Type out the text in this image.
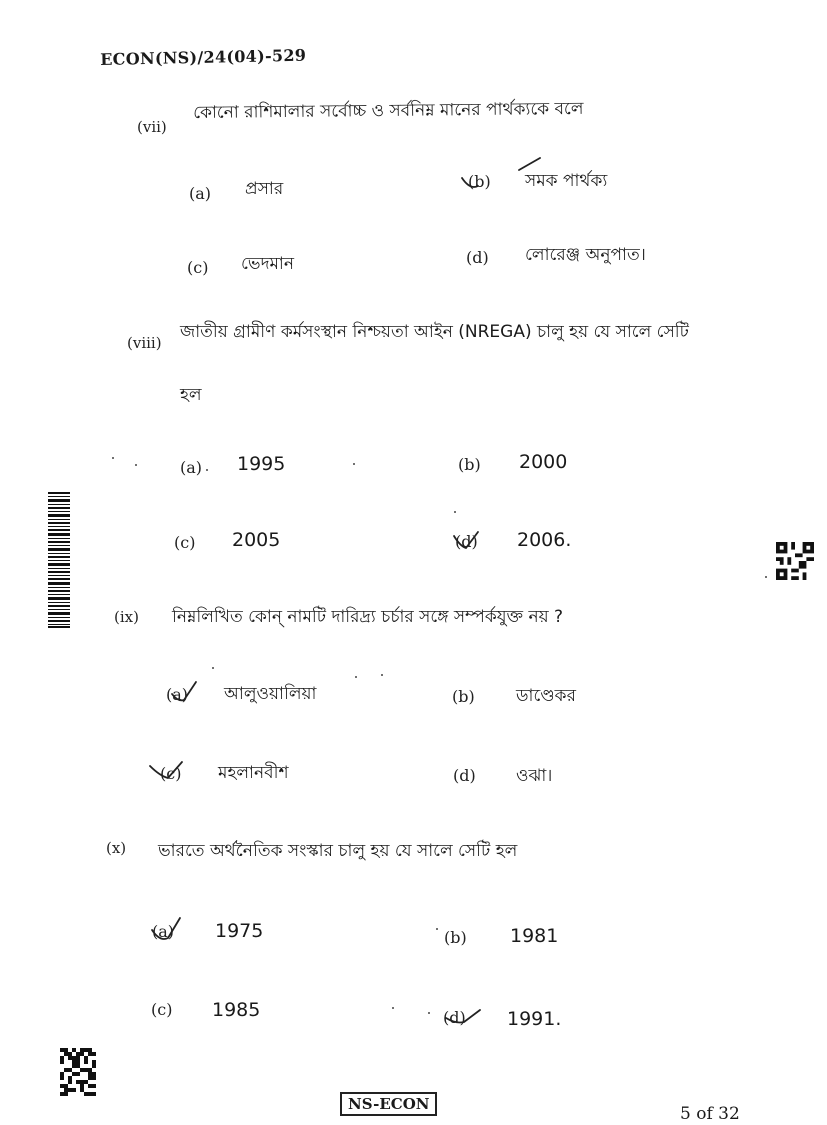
ECON(NS)/24(04)-529
(vii)
কোনো রাশিমালার সর্বোচ্চ ও সর্বনিম্ন মানের পার্থক্যকে বলে
(a) প্রসার	(b) সমক পার্থক্য
(c) ভেদমান	(d) লোরেঞ্জ অনুপাত।
(viii)
জাতীয় গ্রামীণ কর্মসংস্থান নিশ্চয়তা আইন (NREGA) চালু হয় যে সালে সেটি
হল
(a) 1995	(b) 2000
(c) 2005	(d) 2006.
(ix) নিম্নলিখিত কোন্ নামটি দারিদ্র্য চর্চার সঙ্গে সম্পর্কযুক্ত নয় ?
(a) আলুওয়ালিয়া	(b) ডাণ্ডেকর
(c) মহলানবীশ	(d) ওঝা।
(x) ভারতে অর্থনৈতিক সংস্কার চালু হয় যে সালে সেটি হল
(a) 1975	(b) 1981
(c) 1985	(d) 1991.
NS-ECON	5 of 32
